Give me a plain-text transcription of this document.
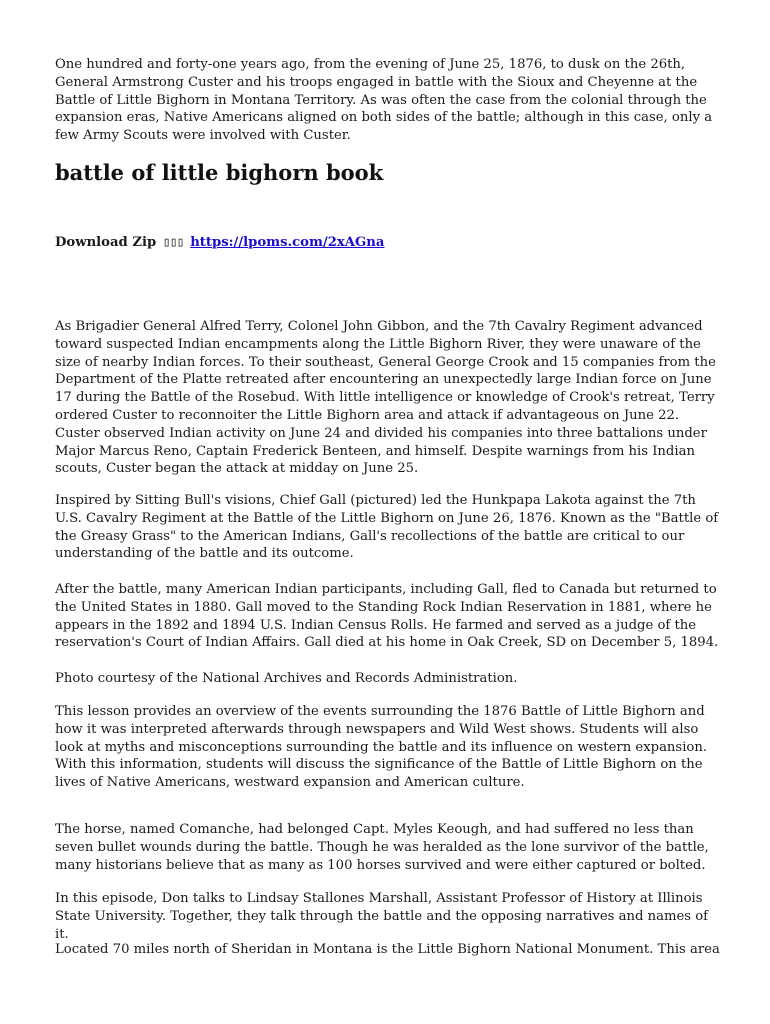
One hundred and forty-one years ago, from the evening of June 25, 1876, to dusk on the 26th, General Armstrong Custer and his troops engaged in battle with the Sioux and Cheyenne at the Battle of Little Bighorn in Montana Territory. As was often the case from the colonial through the expansion eras, Native Americans aligned on both sides of the battle; although in this case, only a few Army Scouts were involved with Custer.

battle of little bighorn book

Download Zip ▯▯▯ https://lpoms.com/2xAGna

As Brigadier General Alfred Terry, Colonel John Gibbon, and the 7th Cavalry Regiment advanced toward suspected Indian encampments along the Little Bighorn River, they were unaware of the size of nearby Indian forces. To their southeast, General George Crook and 15 companies from the Department of the Platte retreated after encountering an unexpectedly large Indian force on June 17 during the Battle of the Rosebud. With little intelligence or knowledge of Crook's retreat, Terry ordered Custer to reconnoiter the Little Bighorn area and attack if advantageous on June 22. Custer observed Indian activity on June 24 and divided his companies into three battalions under Major Marcus Reno, Captain Frederick Benteen, and himself. Despite warnings from his Indian scouts, Custer began the attack at midday on June 25.

Inspired by Sitting Bull's visions, Chief Gall (pictured) led the Hunkpapa Lakota against the 7th U.S. Cavalry Regiment at the Battle of the Little Bighorn on June 26, 1876. Known as the "Battle of the Greasy Grass" to the American Indians, Gall's recollections of the battle are critical to our understanding of the battle and its outcome.

After the battle, many American Indian participants, including Gall, fled to Canada but returned to the United States in 1880. Gall moved to the Standing Rock Indian Reservation in 1881, where he appears in the 1892 and 1894 U.S. Indian Census Rolls. He farmed and served as a judge of the reservation's Court of Indian Affairs. Gall died at his home in Oak Creek, SD on December 5, 1894.

Photo courtesy of the National Archives and Records Administration.

This lesson provides an overview of the events surrounding the 1876 Battle of Little Bighorn and how it was interpreted afterwards through newspapers and Wild West shows. Students will also look at myths and misconceptions surrounding the battle and its influence on western expansion. With this information, students will discuss the significance of the Battle of Little Bighorn on the lives of Native Americans, westward expansion and American culture.

The horse, named Comanche, had belonged Capt. Myles Keough, and had suffered no less than seven bullet wounds during the battle. Though he was heralded as the lone survivor of the battle, many historians believe that as many as 100 horses survived and were either captured or bolted.

In this episode, Don talks to Lindsay Stallones Marshall, Assistant Professor of History at Illinois State University. Together, they talk through the battle and the opposing narratives and names of it.

Located 70 miles north of Sheridan in Montana is the Little Bighorn National Monument. This area
